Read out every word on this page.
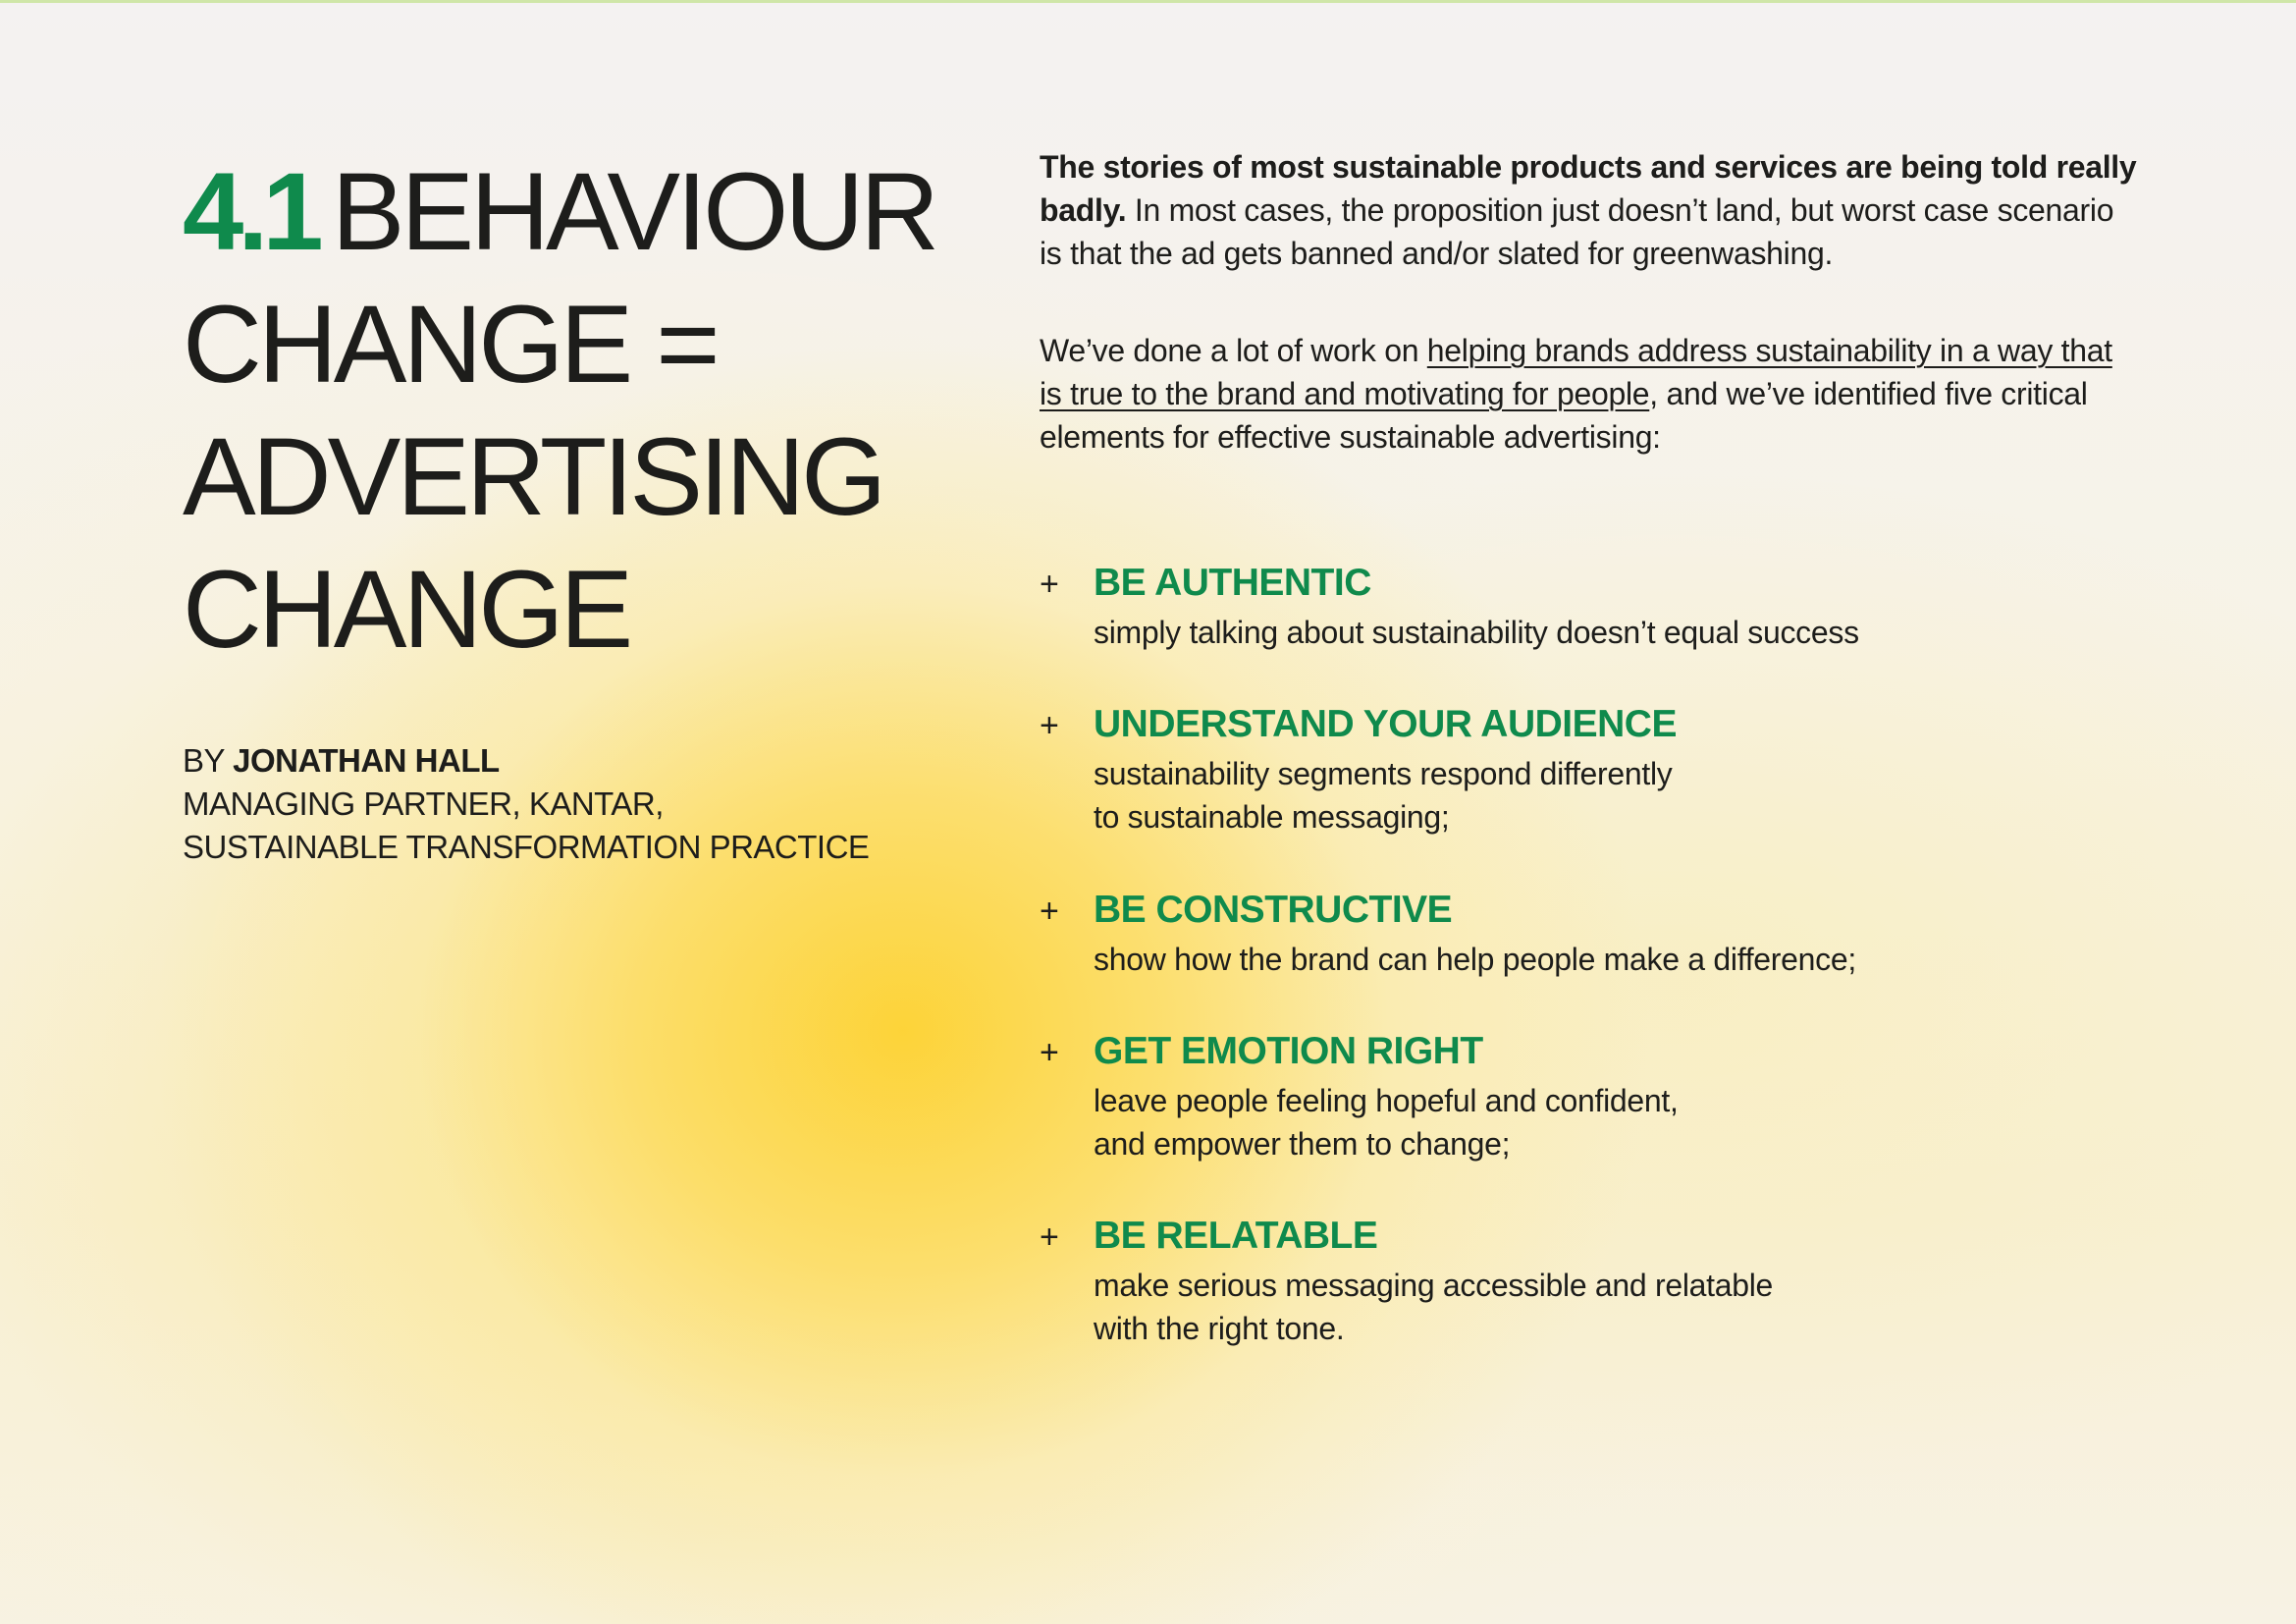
4.1 BEHAVIOUR
CHANGE =
ADVERTISING
CHANGE
BY JONATHAN HALL
MANAGING PARTNER, KANTAR,
SUSTAINABLE TRANSFORMATION PRACTICE

The stories of most sustainable products and services are being told really badly. In most cases, the proposition just doesn’t land, but worst case scenario is that the ad gets banned and/or slated for greenwashing.

We’ve done a lot of work on helping brands address sustainability in a way that is true to the brand and motivating for people, and we’ve identified five critical elements for effective sustainable advertising:

+ BE AUTHENTIC
simply talking about sustainability doesn’t equal success
+ UNDERSTAND YOUR AUDIENCE
sustainability segments respond differently
to sustainable messaging;
+ BE CONSTRUCTIVE
show how the brand can help people make a difference;
+ GET EMOTION RIGHT
leave people feeling hopeful and confident,
and empower them to change;
+ BE RELATABLE
make serious messaging accessible and relatable
with the right tone.
